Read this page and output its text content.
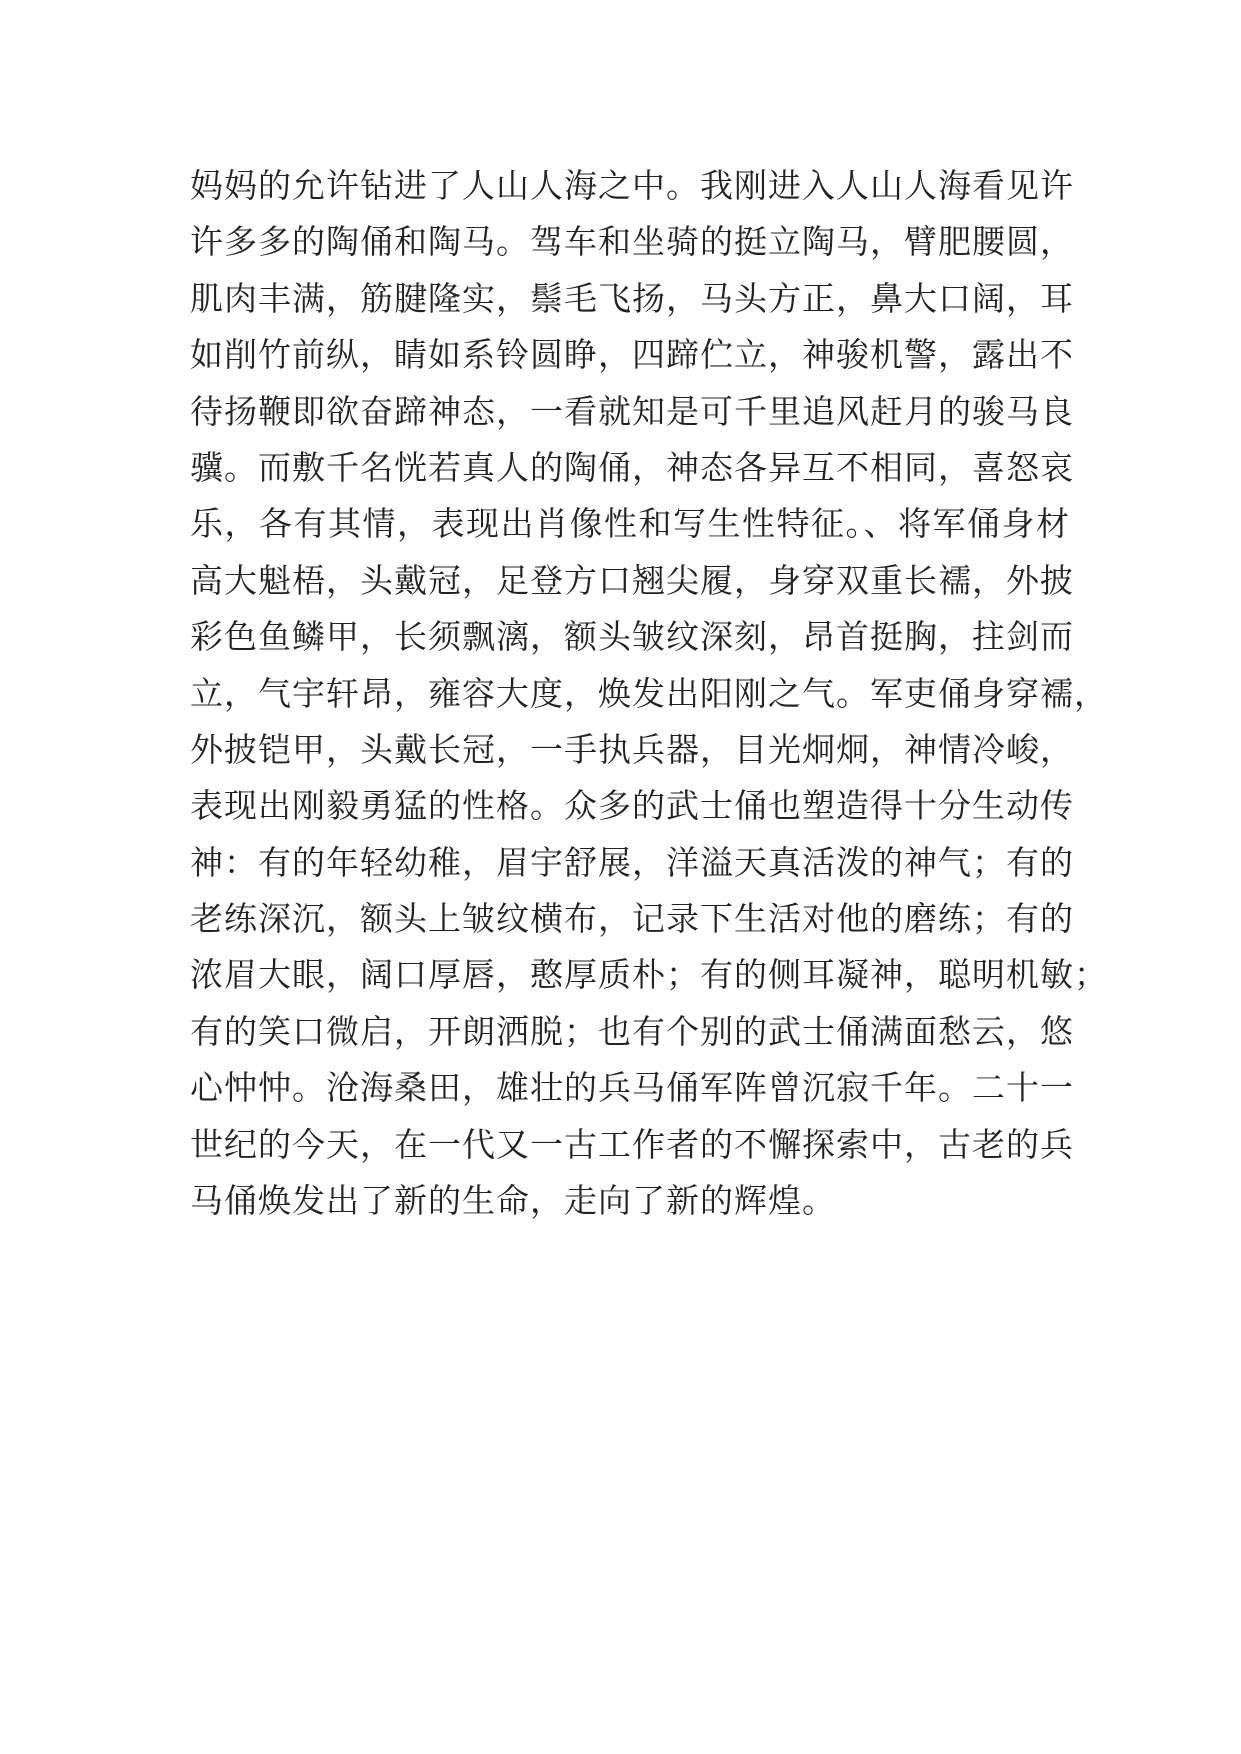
妈妈的允许钻进了人山人海之中。我刚进入人山人海看见许
许多多的陶俑和陶马。驾车和坐骑的挺立陶马，臂肥腰圆，
肌肉丰满，筋腱隆实，鬃毛飞扬，马头方正，鼻大口阔，耳
如削竹前纵，睛如系铃圆睁，四蹄伫立，神骏机警，露出不
待扬鞭即欲奋蹄神态，一看就知是可千里追风赶月的骏马良
骥。而敷千名恍若真人的陶俑，神态各异互不相同，喜怒哀
乐，各有其情，表现出肖像性和写生性特征。、将军俑身材
高大魁梧，头戴冠，足登方口翘尖履，身穿双重长襦，外披
彩色鱼鳞甲，长须飘漓，额头皱纹深刻，昂首挺胸，拄剑而
立，气宇轩昂，雍容大度，焕发出阳刚之气。军吏俑身穿襦，
外披铠甲，头戴长冠，一手执兵器，目光炯炯，神情冷峻，
表现出刚毅勇猛的性格。众多的武士俑也塑造得十分生动传
神：有的年轻幼稚，眉宇舒展，洋溢天真活泼的神气；有的
老练深沉，额头上皱纹横布，记录下生活对他的磨练；有的
浓眉大眼，阔口厚唇，憨厚质朴；有的侧耳凝神，聪明机敏；
有的笑口微启，开朗洒脱；也有个别的武士俑满面愁云，悠
心忡忡。沧海桑田，雄壮的兵马俑军阵曾沉寂千年。二十一
世纪的今天，在一代又一古工作者的不懈探索中，古老的兵
马俑焕发出了新的生命，走向了新的辉煌。
